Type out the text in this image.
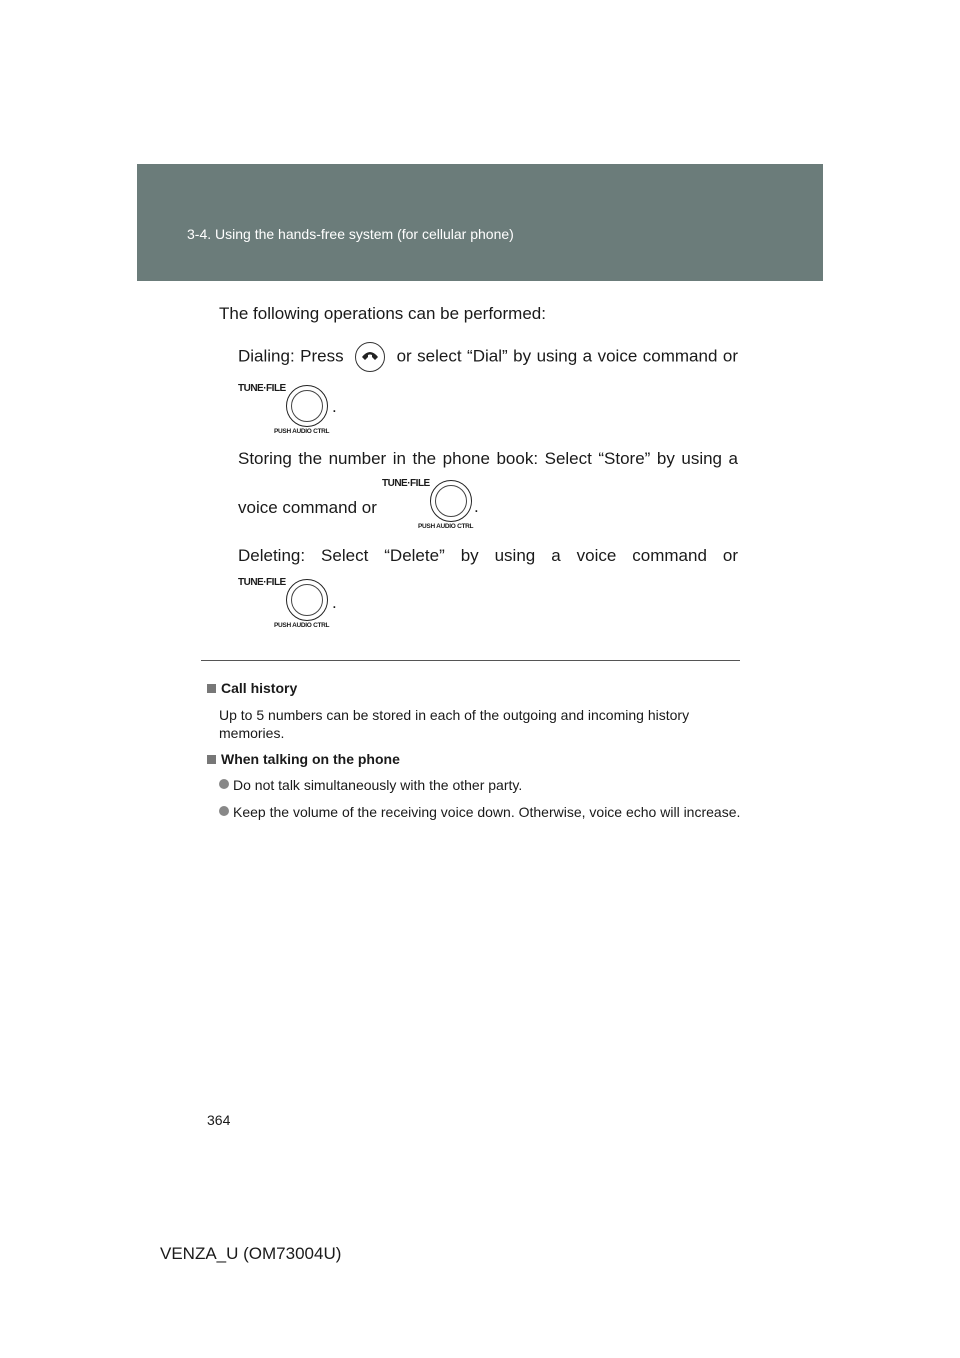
3-4. Using the hands-free system (for cellular phone)
The following operations can be performed:
Dialing: Press	or select “Dial” by using a voice command or
TUNE·FILE
PUSH AUDIO CTRL
.
Storing the number in the phone book: Select “Store” by using a
voice command or
TUNE·FILE
PUSH AUDIO CTRL
.
Deleting: Select “Delete” by using a voice command or
TUNE·FILE
PUSH AUDIO CTRL
.
Call history
Up to 5 numbers can be stored in each of the outgoing and incoming history memories.
When talking on the phone
Do not talk simultaneously with the other party.
Keep the volume of the receiving voice down. Otherwise, voice echo will increase.
364
VENZA_U (OM73004U)
